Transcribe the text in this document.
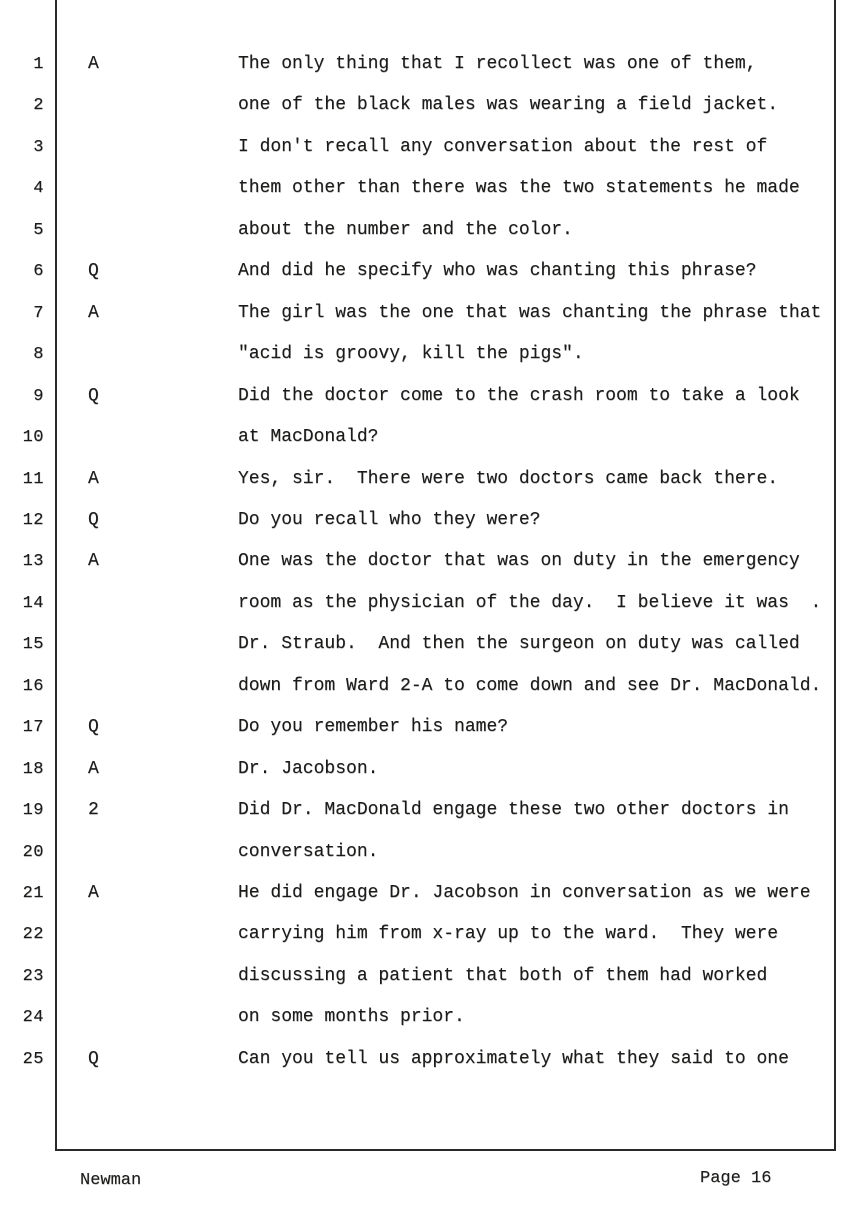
1 A	The only thing that I recollect was one of them,
2	one of the black males was wearing a field jacket.
3	I don't recall any conversation about the rest of
4	them other than there was the two statements he made
5	about the number and the color.
6 Q	And did he specify who was chanting this phrase?
7 A	The girl was the one that was chanting the phrase that
8	"acid is groovy, kill the pigs".
9 Q	Did the doctor come to the crash room to take a look
10	at MacDonald?
11 A	Yes, sir.  There were two doctors came back there.
12 Q	Do you recall who they were?
13 A	One was the doctor that was on duty in the emergency
14	room as the physician of the day.  I believe it was  .
15	Dr. Straub.  And then the surgeon on duty was called
16	down from Ward 2-A to come down and see Dr. MacDonald.
17 Q	Do you remember his name?
18 A	Dr. Jacobson.
19 2	Did Dr. MacDonald engage these two other doctors in
20	conversation.
21 A	He did engage Dr. Jacobson in conversation as we were
22	carrying him from x-ray up to the ward.  They were
23	discussing a patient that both of them had worked
24	on some months prior.
25 Q	Can you tell us approximately what they said to one
Newman	Page 16
